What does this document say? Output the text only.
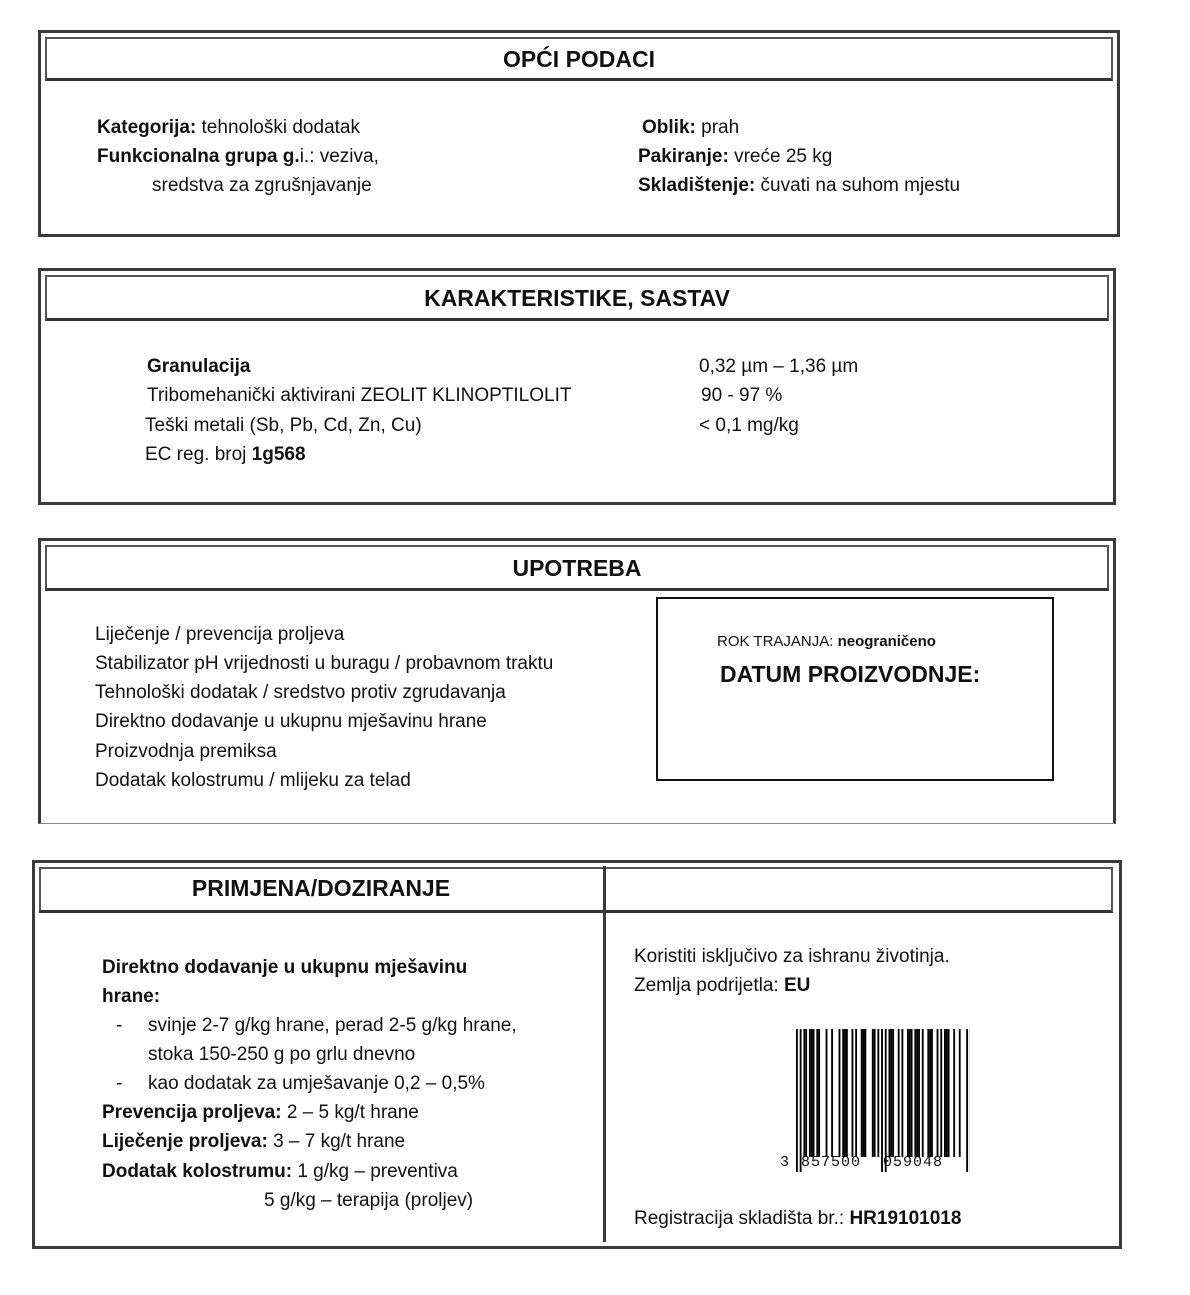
OPĆI PODACI
Kategorija: tehnološki dodatak
Funkcionalna grupa g.i.: veziva,
sredstva za zgrušnjavanje
Oblik: prah
Pakiranje: vreće 25 kg
Skladištenje: čuvati na suhom mjestu
KARAKTERISTIKE, SASTAV
Granulacija	0,32 µm – 1,36 µm
Tribomehanički aktivirani ZEOLIT KLINOPTILOLIT	90 - 97 %
Teški metali (Sb, Pb, Cd, Zn, Cu)	< 0,1 mg/kg
EC reg. broj 1g568
UPOTREBA
Liječenje / prevencija proljeva
Stabilizator pH vrijednosti u buragu / probavnom traktu
Tehnološki dodatak / sredstvo protiv zgrudavanja
Direktno dodavanje u ukupnu mješavinu hrane
Proizvodnja premiksa
Dodatak kolostrumu / mlijeku za telad
ROK TRAJANJA: neograničeno
DATUM PROIZVODNJE:
PRIMJENA/DOZIRANJE
Direktno dodavanje u ukupnu mješavinu
hrane:
- svinje 2-7 g/kg hrane, perad 2-5 g/kg hrane,
stoka 150-250 g po grlu dnevno
- kao dodatak za umješavanje 0,2 – 0,5%
Prevencija proljeva: 2 – 5 kg/t hrane
Liječenje proljeva: 3 – 7 kg/t hrane
Dodatak kolostrumu: 1 g/kg – preventiva
5 g/kg – terapija (proljev)
Koristiti isključivo za ishranu životinja.
Zemlja podrijetla: EU
3 857500 059048
Registracija skladišta br.: HR19101018
